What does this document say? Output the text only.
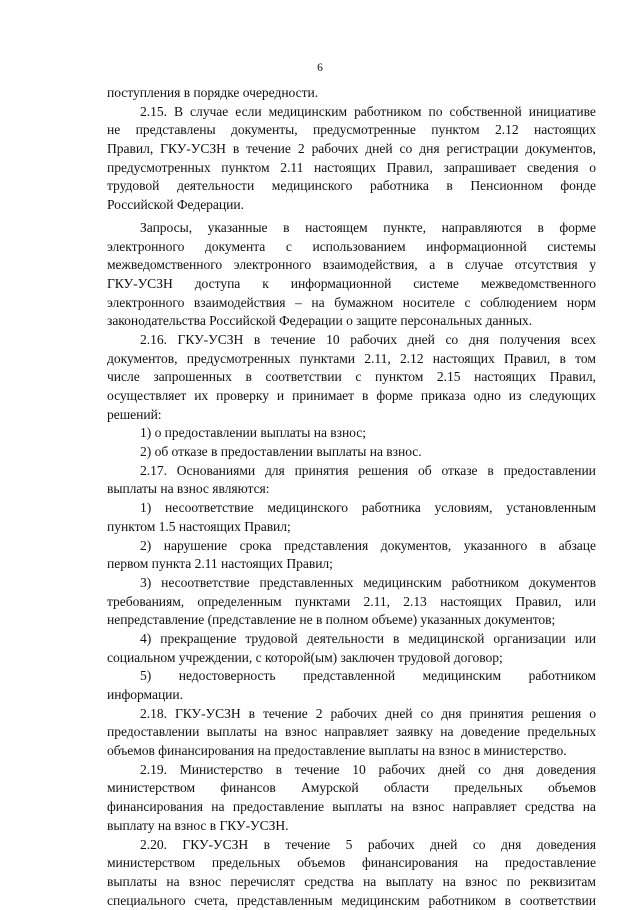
6
поступления в порядке очередности.
2.15. В случае если медицинским работником по собственной инициативе
не представлены документы, предусмотренные пунктом 2.12 настоящих
Правил, ГКУ-УСЗН в течение 2 рабочих дней со дня регистрации документов,
предусмотренных пунктом 2.11 настоящих Правил, запрашивает сведения о
трудовой деятельности медицинского работника в Пенсионном фонде
Российской Федерации.
Запросы, указанные в настоящем пункте, направляются в форме
электронного документа с использованием информационной системы
межведомственного электронного взаимодействия, а в случае отсутствия у
ГКУ-УСЗН доступа к информационной системе межведомственного
электронного взаимодействия – на бумажном носителе с соблюдением норм
законодательства Российской Федерации о защите персональных данных.
2.16. ГКУ-УСЗН в течение 10 рабочих дней со дня получения всех
документов, предусмотренных пунктами 2.11, 2.12 настоящих Правил, в том
числе запрошенных в соответствии с пунктом 2.15 настоящих Правил,
осуществляет их проверку и принимает в форме приказа одно из следующих
решений:
1) о предоставлении выплаты на взнос;
2) об отказе в предоставлении выплаты на взнос.
2.17. Основаниями для принятия решения об отказе в предоставлении
выплаты на взнос являются:
1) несоответствие медицинского работника условиям, установленным
пунктом 1.5 настоящих Правил;
2) нарушение срока представления документов, указанного в абзаце
первом пункта 2.11 настоящих Правил;
3) несоответствие представленных медицинским работником документов
требованиям, определенным пунктами 2.11, 2.13 настоящих Правил, или
непредставление (представление не в полном объеме) указанных документов;
4) прекращение трудовой деятельности в медицинской организации или
социальном учреждении, с которой(ым) заключен трудовой договор;
5) недостоверность представленной медицинским работником
информации.
2.18. ГКУ-УСЗН в течение 2 рабочих дней со дня принятия решения о
предоставлении выплаты на взнос направляет заявку на доведение предельных
объемов финансирования на предоставление выплаты на взнос в министерство.
2.19. Министерство в течение 10 рабочих дней со дня доведения
министерством финансов Амурской области предельных объемов
финансирования на предоставление выплаты на взнос направляет средства на
выплату на взнос в ГКУ-УСЗН.
2.20. ГКУ-УСЗН в течение 5 рабочих дней со дня доведения
министерством предельных объемов финансирования на предоставление
выплаты на взнос перечислят средства на выплату на взнос по реквизитам
специального счета, представленным медицинским работником в соответствии
